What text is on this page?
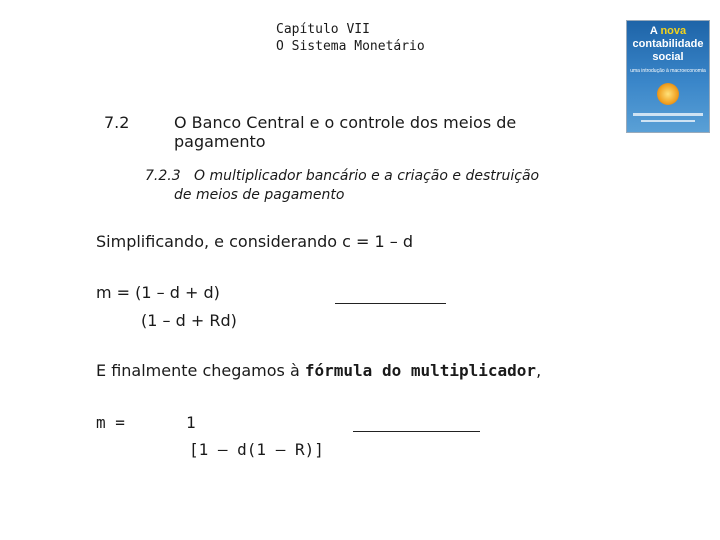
Capítulo VII
O Sistema Monetário
A nova
contabilidade
social
uma introdução à macroeconomia
7.2	O Banco Central e o controle dos meios de
pagamento
7.2.3   O multiplicador bancário e a criação e destruição
de meios de pagamento
Simplificando, e considerando c = 1 – d
m = (1 – d + d)
(1 – d + Rd)
E finalmente chegamos à fórmula do multiplicador,
m =	1
[1 – d(1 – R)]
